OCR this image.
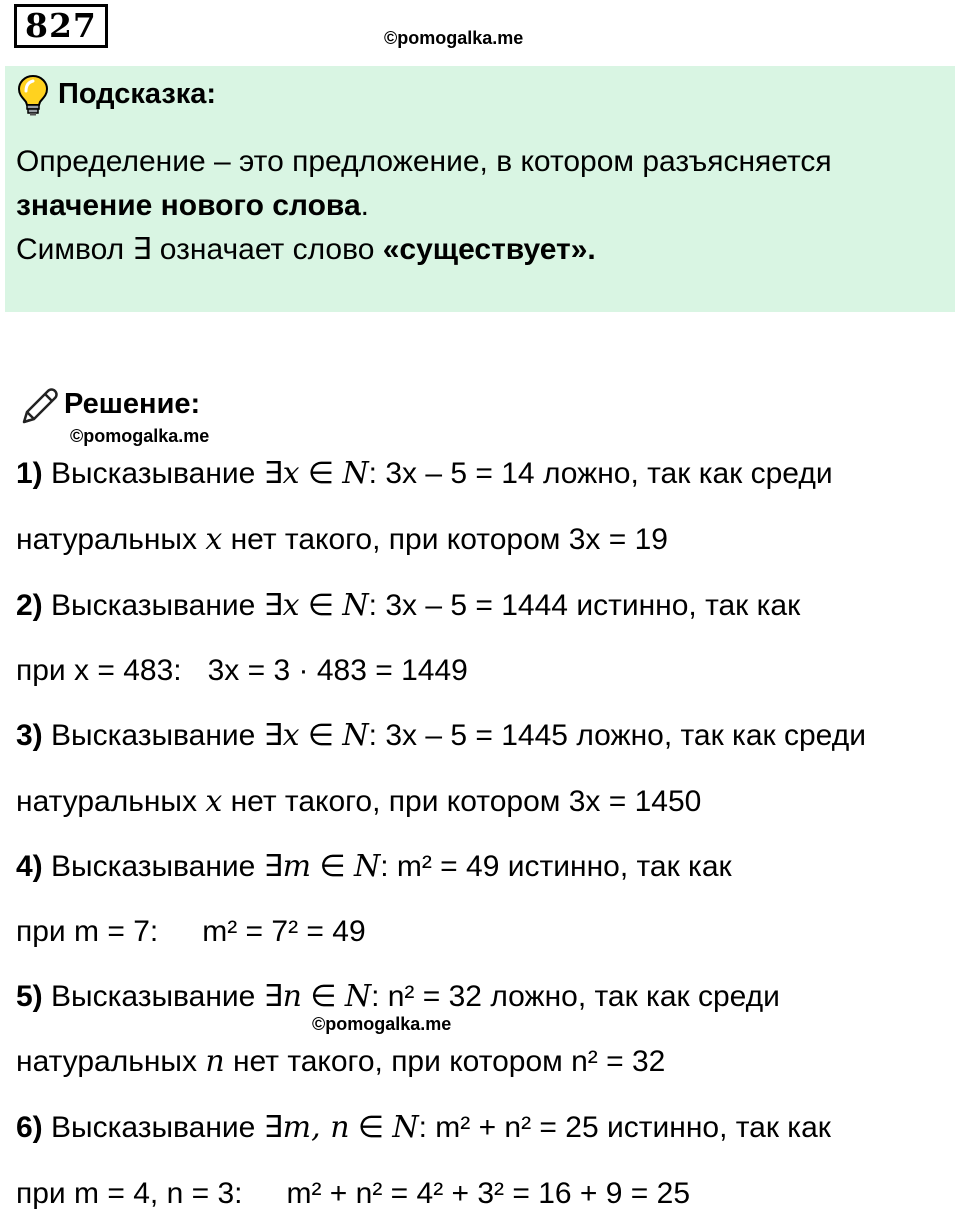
827	©pomogalka.me
Подсказка:
Определение – это предложение, в котором разъясняется
значение нового слова.
Символ ∃ означает слово «существует».
Решение:
©pomogalka.me
1) Высказывание ∃x ∈ N: 3x – 5 = 14 ложно, так как среди
натуральных x нет такого, при котором 3x = 19
2) Высказывание ∃x ∈ N: 3x – 5 = 1444 истинно, так как
при x = 483: 3x = 3 · 483 = 1449
3) Высказывание ∃x ∈ N: 3x – 5 = 1445 ложно, так как среди
натуральных x нет такого, при котором 3x = 1450
4) Высказывание ∃m ∈ N: m² = 49 истинно, так как
при m = 7: m² = 7² = 49
5) Высказывание ∃n ∈ N: n² = 32 ложно, так как среди
©pomogalka.me
натуральных n нет такого, при котором n² = 32
6) Высказывание ∃m, n ∈ N: m² + n² = 25 истинно, так как
при m = 4, n = 3: m² + n² = 4² + 3² = 16 + 9 = 25
